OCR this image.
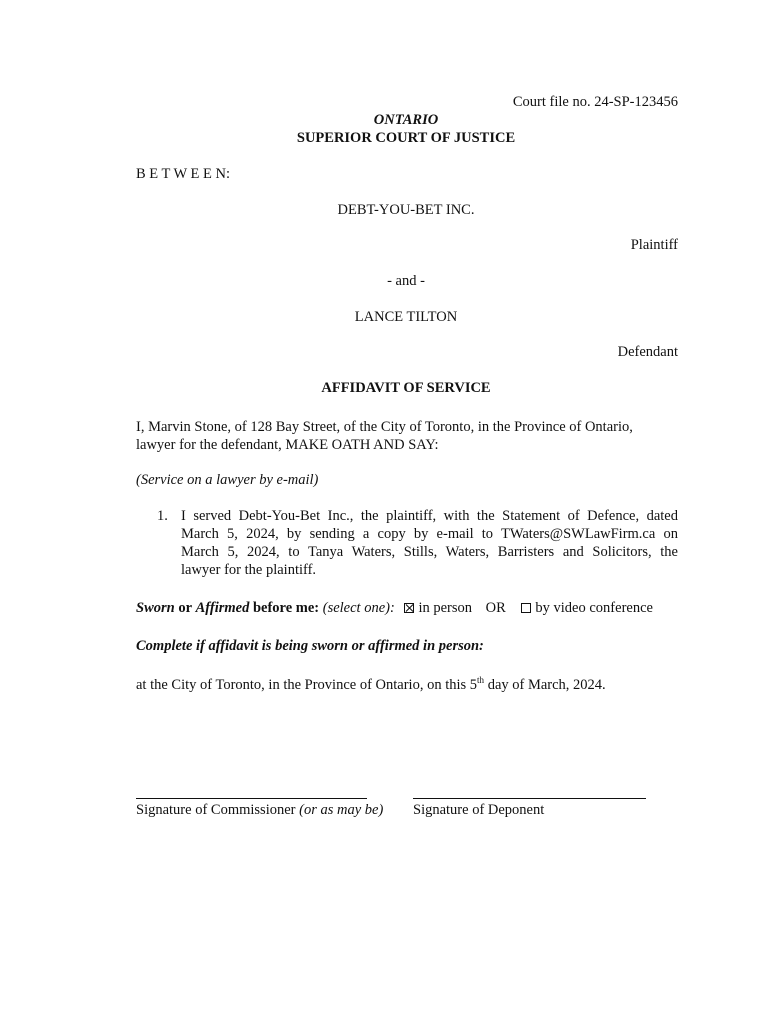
Court file no. 24-SP-123456
ONTARIO
SUPERIOR COURT OF JUSTICE
B E T W E E N:
DEBT-YOU-BET INC.
Plaintiff
- and -
LANCE TILTON
Defendant
AFFIDAVIT OF SERVICE
I, Marvin Stone, of 128 Bay Street, of the City of Toronto, in the Province of Ontario,
lawyer for the defendant, MAKE OATH AND SAY:
(Service on a lawyer by e-mail)
1. I served Debt-You-Bet Inc., the plaintiff, with the Statement of Defence, dated
March 5, 2024, by sending a copy by e-mail to TWaters@SWLawFirm.ca on
March 5, 2024, to Tanya Waters, Stills, Waters, Barristers and Solicitors, the
lawyer for the plaintiff.
Sworn or Affirmed before me: (select one): in person OR by video conference
Complete if affidavit is being sworn or affirmed in person:
at the City of Toronto, in the Province of Ontario, on this 5th day of March, 2024.
Signature of Commissioner (or as may be) Signature of Deponent
